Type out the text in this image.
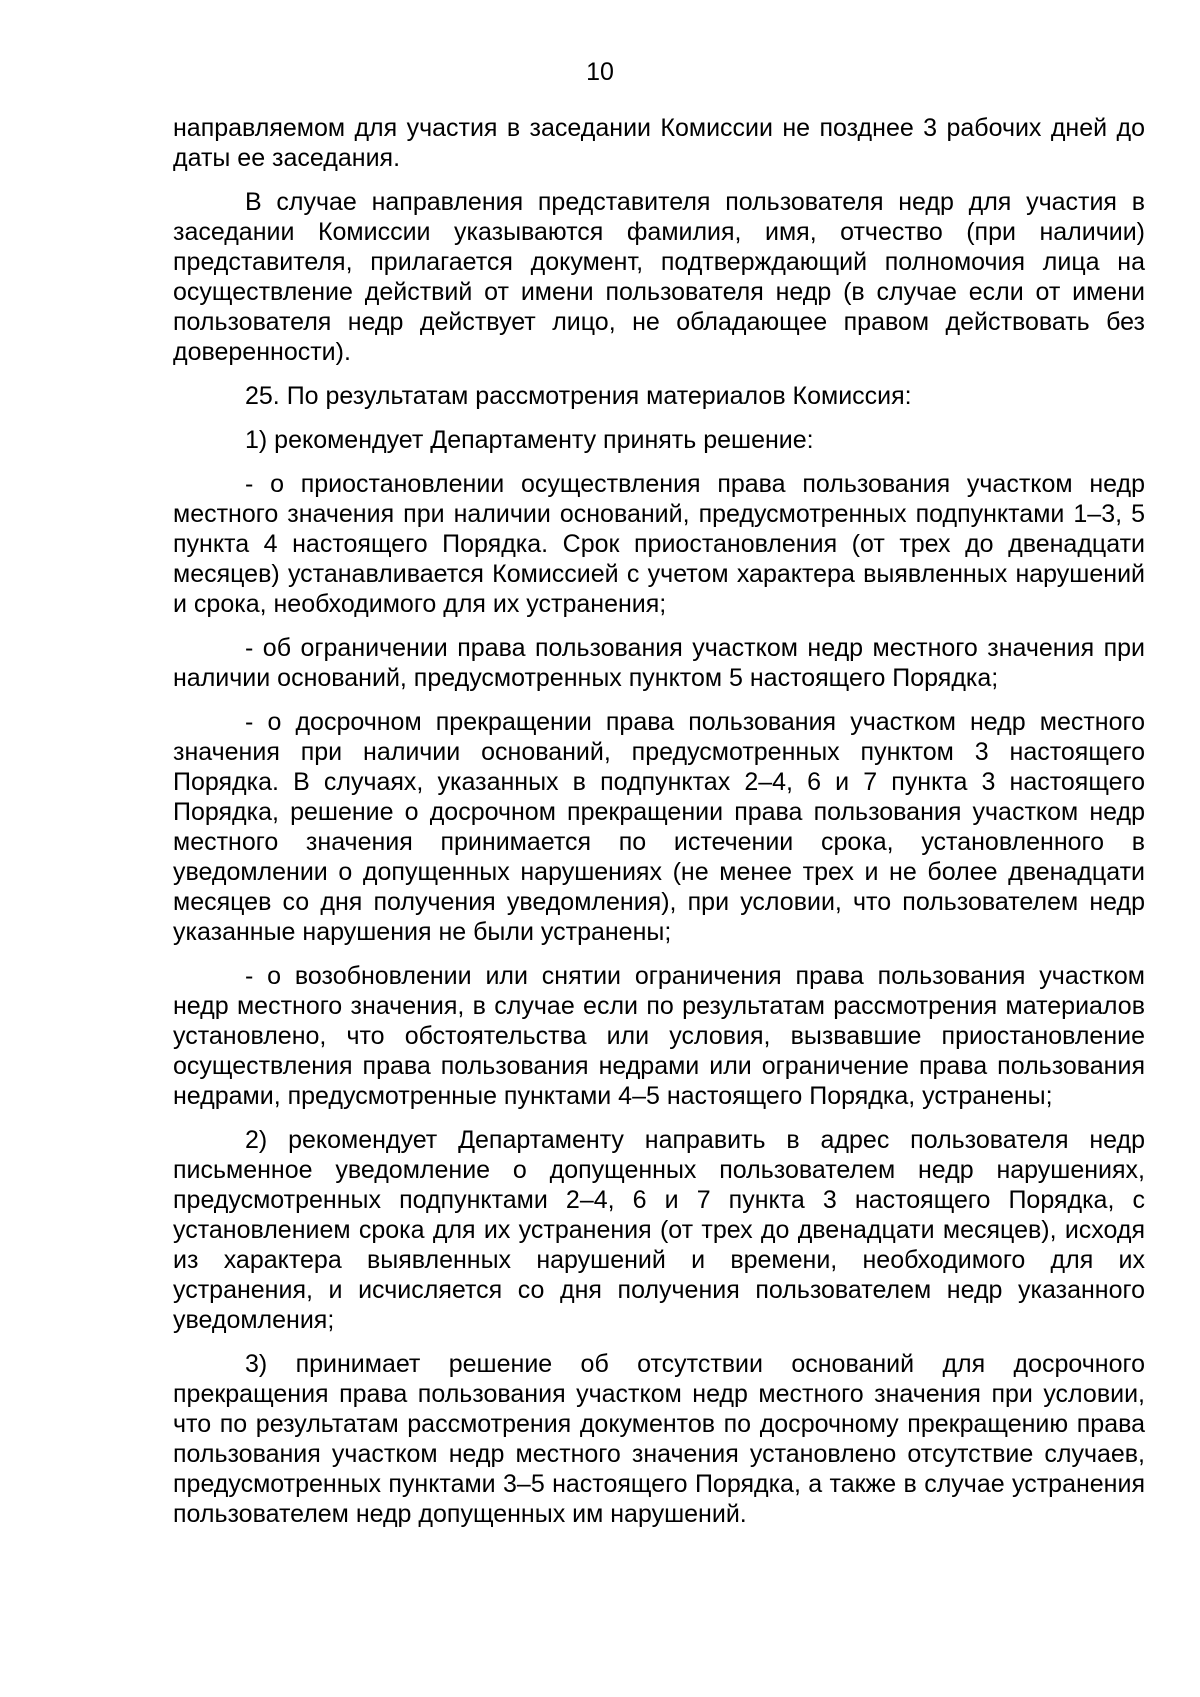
10

направляемом для участия в заседании Комиссии не позднее 3 рабочих дней до даты ее заседания.

В случае направления представителя пользователя недр для участия в заседании Комиссии указываются фамилия, имя, отчество (при наличии) представителя, прилагается документ, подтверждающий полномочия лица на осуществление действий от имени пользователя недр (в случае если от имени пользователя недр действует лицо, не обладающее правом действовать без доверенности).

25. По результатам рассмотрения материалов Комиссия:

1) рекомендует Департаменту принять решение:

- о приостановлении осуществления права пользования участком недр местного значения при наличии оснований, предусмотренных подпунктами 1–3, 5 пункта 4 настоящего Порядка. Срок приостановления (от трех до двенадцати месяцев) устанавливается Комиссией с учетом характера выявленных нарушений и срока, необходимого для их устранения;

- об ограничении права пользования участком недр местного значения при наличии оснований, предусмотренных пунктом 5 настоящего Порядка;

- о досрочном прекращении права пользования участком недр местного значения при наличии оснований, предусмотренных пунктом 3 настоящего Порядка. В случаях, указанных в подпунктах 2–4, 6 и 7 пункта 3 настоящего Порядка, решение о досрочном прекращении права пользования участком недр местного значения принимается по истечении срока, установленного в уведомлении о допущенных нарушениях (не менее трех и не более двенадцати месяцев со дня получения уведомления), при условии, что пользователем недр указанные нарушения не были устранены;

- о возобновлении или снятии ограничения права пользования участком недр местного значения, в случае если по результатам рассмотрения материалов установлено, что обстоятельства или условия, вызвавшие приостановление осуществления права пользования недрами или ограничение права пользования недрами, предусмотренные пунктами 4–5 настоящего Порядка, устранены;

2) рекомендует Департаменту направить в адрес пользователя недр письменное уведомление о допущенных пользователем недр нарушениях, предусмотренных подпунктами 2–4, 6 и 7 пункта 3 настоящего Порядка, с установлением срока для их устранения (от трех до двенадцати месяцев), исходя из характера выявленных нарушений и времени, необходимого для их устранения, и исчисляется со дня получения пользователем недр указанного уведомления;

3) принимает решение об отсутствии оснований для досрочного прекращения права пользования участком недр местного значения при условии, что по результатам рассмотрения документов по досрочному прекращению права пользования участком недр местного значения установлено отсутствие случаев, предусмотренных пунктами 3–5 настоящего Порядка, а также в случае устранения пользователем недр допущенных им нарушений.
